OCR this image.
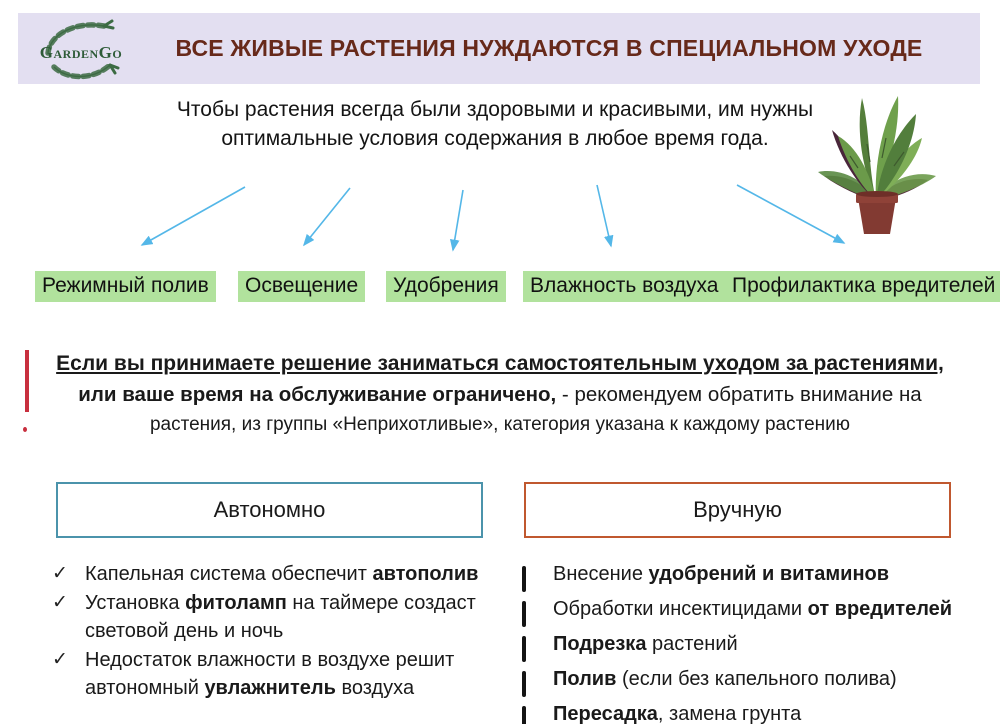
GardenGo	ВСЕ ЖИВЫЕ РАСТЕНИЯ НУЖДАЮТСЯ В СПЕЦИАЛЬНОМ УХОДЕ
Чтобы растения всегда были здоровыми и красивыми, им нужны оптимальные условия содержания в любое время года.
Режимный полив	Освещение	Удобрения	Влажность воздуха Профилактика вредителей
Если вы принимаете решение заниматься самостоятельным уходом за растениями,
или ваше время на обслуживание ограничено, - рекомендуем обратить внимание на
растения, из группы «Неприхотливые», категория указана к каждому растению
Автономно	Вручную
✓ Капельная система обеспечит автополив
✓ Установка фитоламп на таймере создаст световой день и ночь
✓ Недостаток влажности в воздухе решит автономный увлажнитель воздуха
Внесение удобрений и витаминов
Обработки инсектицидами от вредителей
Подрезка растений
Полив (если без капельного полива)
Пересадка, замена грунта
